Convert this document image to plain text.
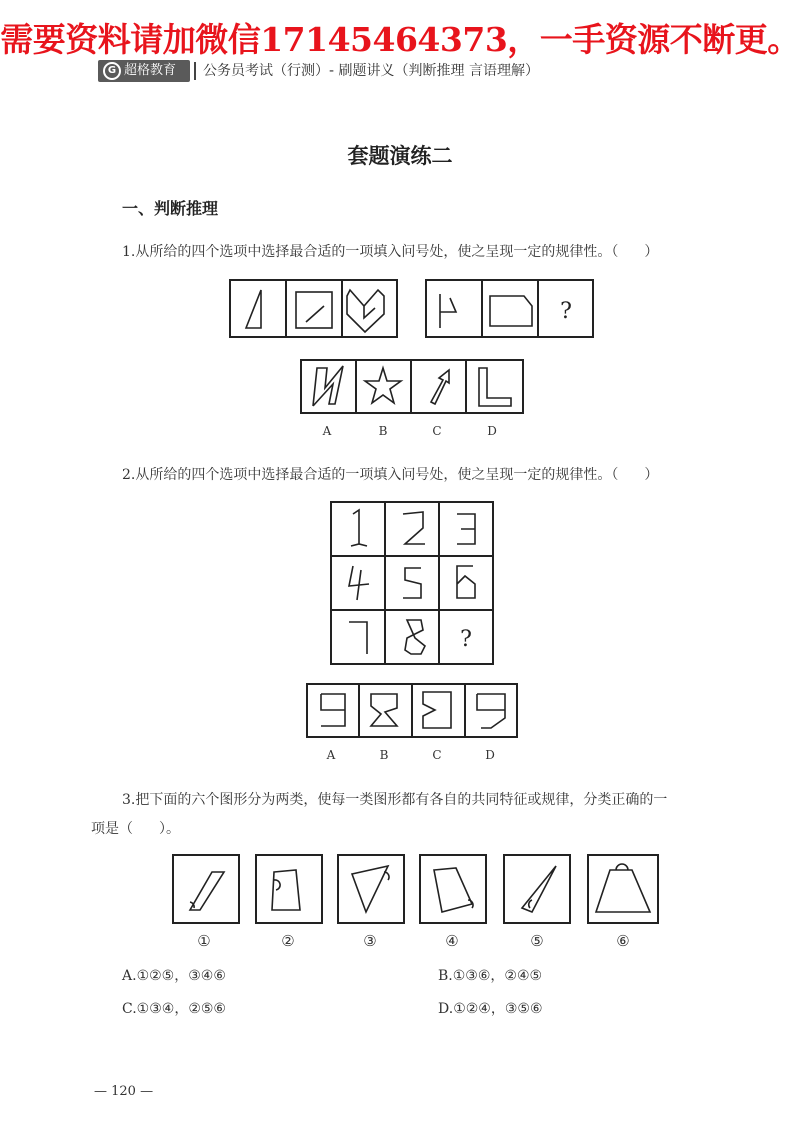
需要资料请加微信17145464373，一手资源不断更。
G 超格教育	公务员考试（行测）- 刷题讲义（判断推理 言语理解）
套题演练二
一、判断推理
1.从所给的四个选项中选择最合适的一项填入问号处，使之呈现一定的规律性。（ ）
?
A	B	C	D
2.从所给的四个选项中选择最合适的一项填入问号处，使之呈现一定的规律性。（ ）
?
A	B	C	D
3.把下面的六个图形分为两类，使每一类图形都有各自的共同特征或规律，分类正确的一
项是（ ）。
①	②	③	④	⑤	⑥
A.①②⑤，③④⑥	B.①③⑥，②④⑤
C.①③④，②⑤⑥	D.①②④，③⑤⑥
— 120 —
